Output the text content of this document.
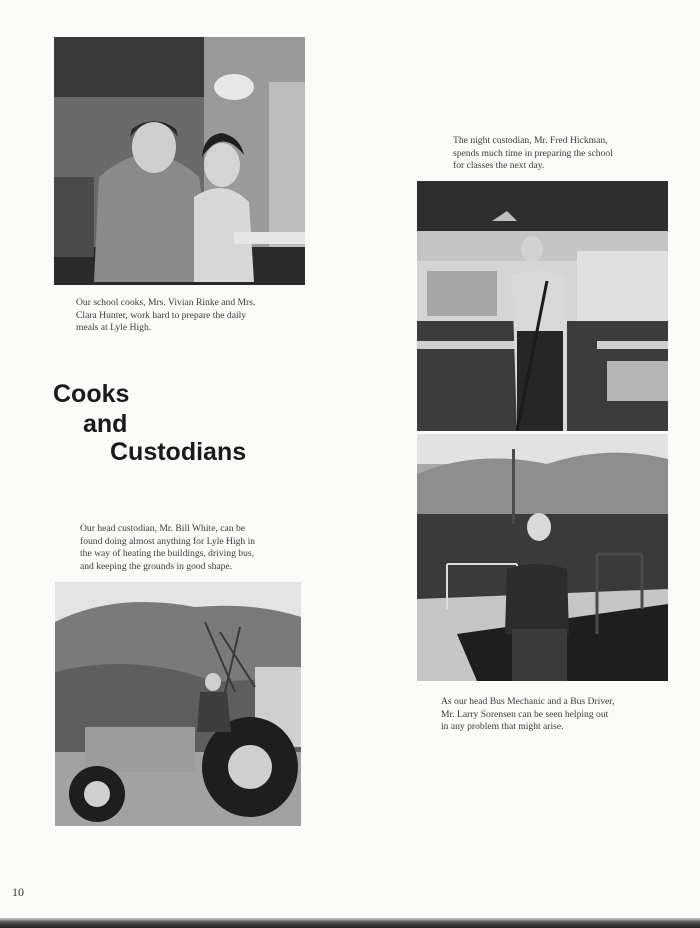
Our school cooks, Mrs. Vivian Rinke and Mrs.
Clara Hunter, work hard to prepare the daily
meals at Lyle High.
Cooks
and
Custodians
Our head custodian, Mr. Bill White, can be
found doing almost anything for Lyle High in
the way of heating the buildings, driving bus,
and keeping the grounds in good shape.
The night custodian, Mr. Fred Hickman,
spends much time in preparing the school
for classes the next day.
As our head Bus Mechanic and a Bus Driver,
Mr. Larry Sorensen can be seen helping out
in any problem that might arise.
10
